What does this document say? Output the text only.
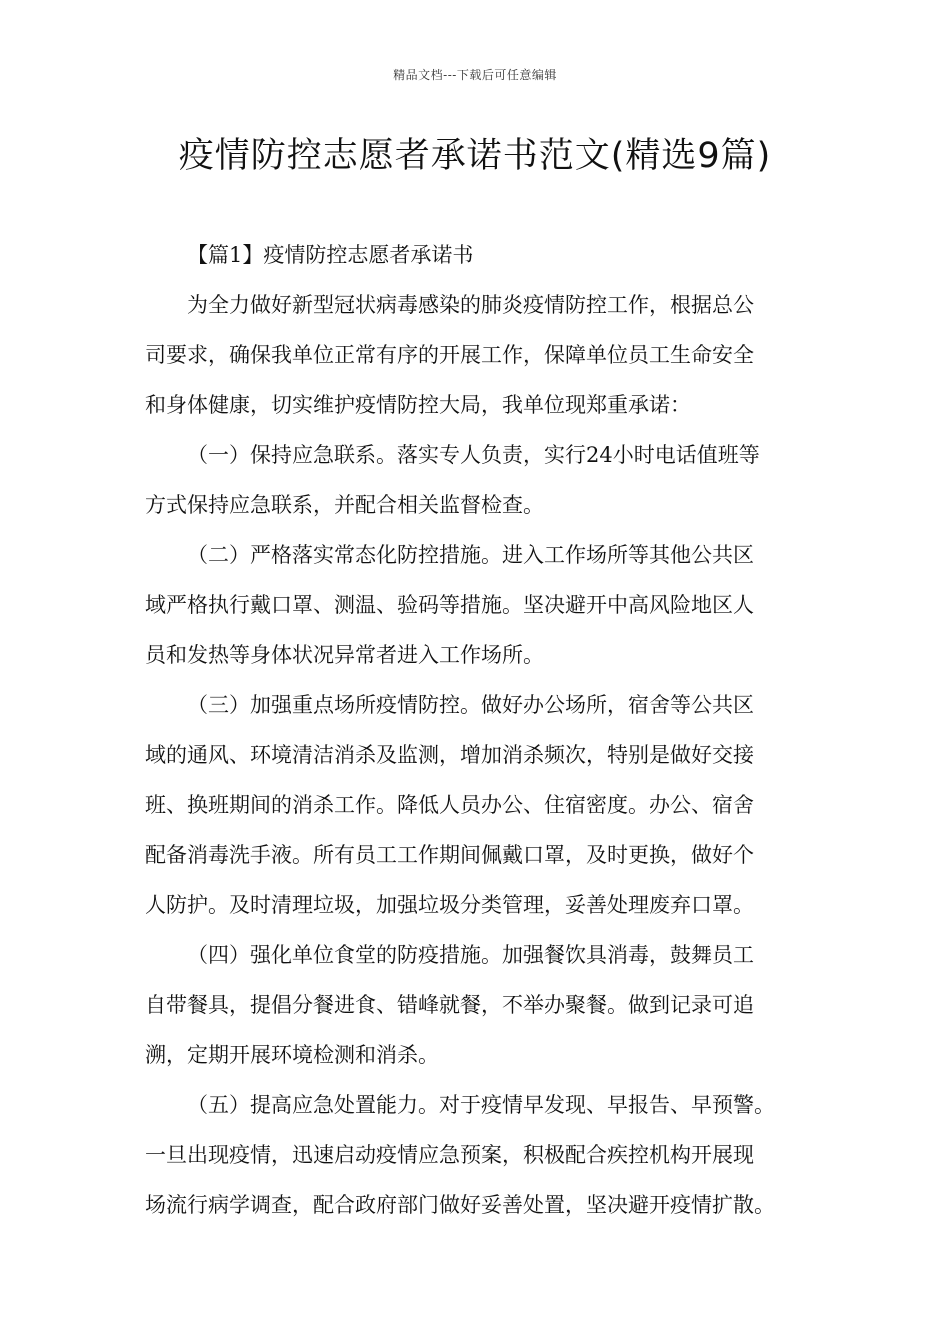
精品文档---下载后可任意编辑
疫情防控志愿者承诺书范文(精选9篇)
【篇1】疫情防控志愿者承诺书
为全力做好新型冠状病毒感染的肺炎疫情防控工作，根据总公
司要求，确保我单位正常有序的开展工作，保障单位员工生命安全
和身体健康，切实维护疫情防控大局，我单位现郑重承诺：
（一）保持应急联系。落实专人负责，实行24小时电话值班等
方式保持应急联系，并配合相关监督检查。
（二）严格落实常态化防控措施。进入工作场所等其他公共区
域严格执行戴口罩、测温、验码等措施。坚决避开中高风险地区人
员和发热等身体状况异常者进入工作场所。
（三）加强重点场所疫情防控。做好办公场所，宿舍等公共区
域的通风、环境清洁消杀及监测，增加消杀频次，特别是做好交接
班、换班期间的消杀工作。降低人员办公、住宿密度。办公、宿舍
配备消毒洗手液。所有员工工作期间佩戴口罩，及时更换，做好个
人防护。及时清理垃圾，加强垃圾分类管理，妥善处理废弃口罩。
（四）强化单位食堂的防疫措施。加强餐饮具消毒，鼓舞员工
自带餐具，提倡分餐进食、错峰就餐，不举办聚餐。做到记录可追
溯，定期开展环境检测和消杀。
（五）提高应急处置能力。对于疫情早发现、早报告、早预警。
一旦出现疫情，迅速启动疫情应急预案，积极配合疾控机构开展现
场流行病学调查，配合政府部门做好妥善处置，坚决避开疫情扩散。
